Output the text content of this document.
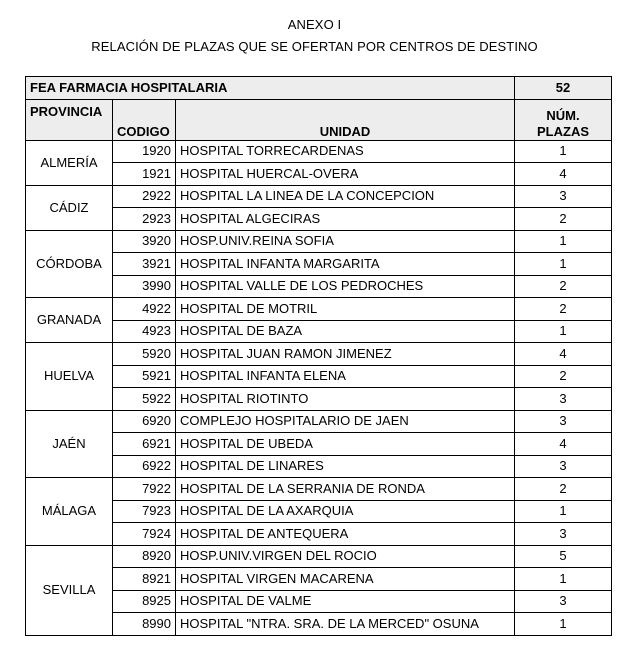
ANEXO I
RELACIÓN DE PLAZAS QUE SE OFERTAN POR CENTROS DE DESTINO
FEA FARMACIA HOSPITALARIA			52
PROVINCIA	CODIGO	UNIDAD	NÚM.
PLAZAS
ALMERÍA	1920	HOSPITAL TORRECARDENAS	1
	1921	HOSPITAL HUERCAL-OVERA	4
CÁDIZ	2922	HOSPITAL LA LINEA DE LA CONCEPCION	3
	2923	HOSPITAL ALGECIRAS	2
CÓRDOBA	3920	HOSP.UNIV.REINA SOFIA	1
	3921	HOSPITAL INFANTA MARGARITA	1
	3990	HOSPITAL VALLE DE LOS PEDROCHES	2
GRANADA	4922	HOSPITAL DE MOTRIL	2
	4923	HOSPITAL DE BAZA	1
HUELVA	5920	HOSPITAL JUAN RAMON JIMENEZ	4
	5921	HOSPITAL INFANTA ELENA	2
	5922	HOSPITAL RIOTINTO	3
JAÉN	6920	COMPLEJO HOSPITALARIO DE JAEN	3
	6921	HOSPITAL DE UBEDA	4
	6922	HOSPITAL DE LINARES	3
MÁLAGA	7922	HOSPITAL DE LA SERRANIA DE RONDA	2
	7923	HOSPITAL DE LA AXARQUIA	1
	7924	HOSPITAL DE ANTEQUERA	3
SEVILLA	8920	HOSP.UNIV.VIRGEN DEL ROCIO	5
	8921	HOSPITAL VIRGEN MACARENA	1
	8925	HOSPITAL DE VALME	3
	8990	HOSPITAL "NTRA. SRA. DE LA MERCED" OSUNA	1
